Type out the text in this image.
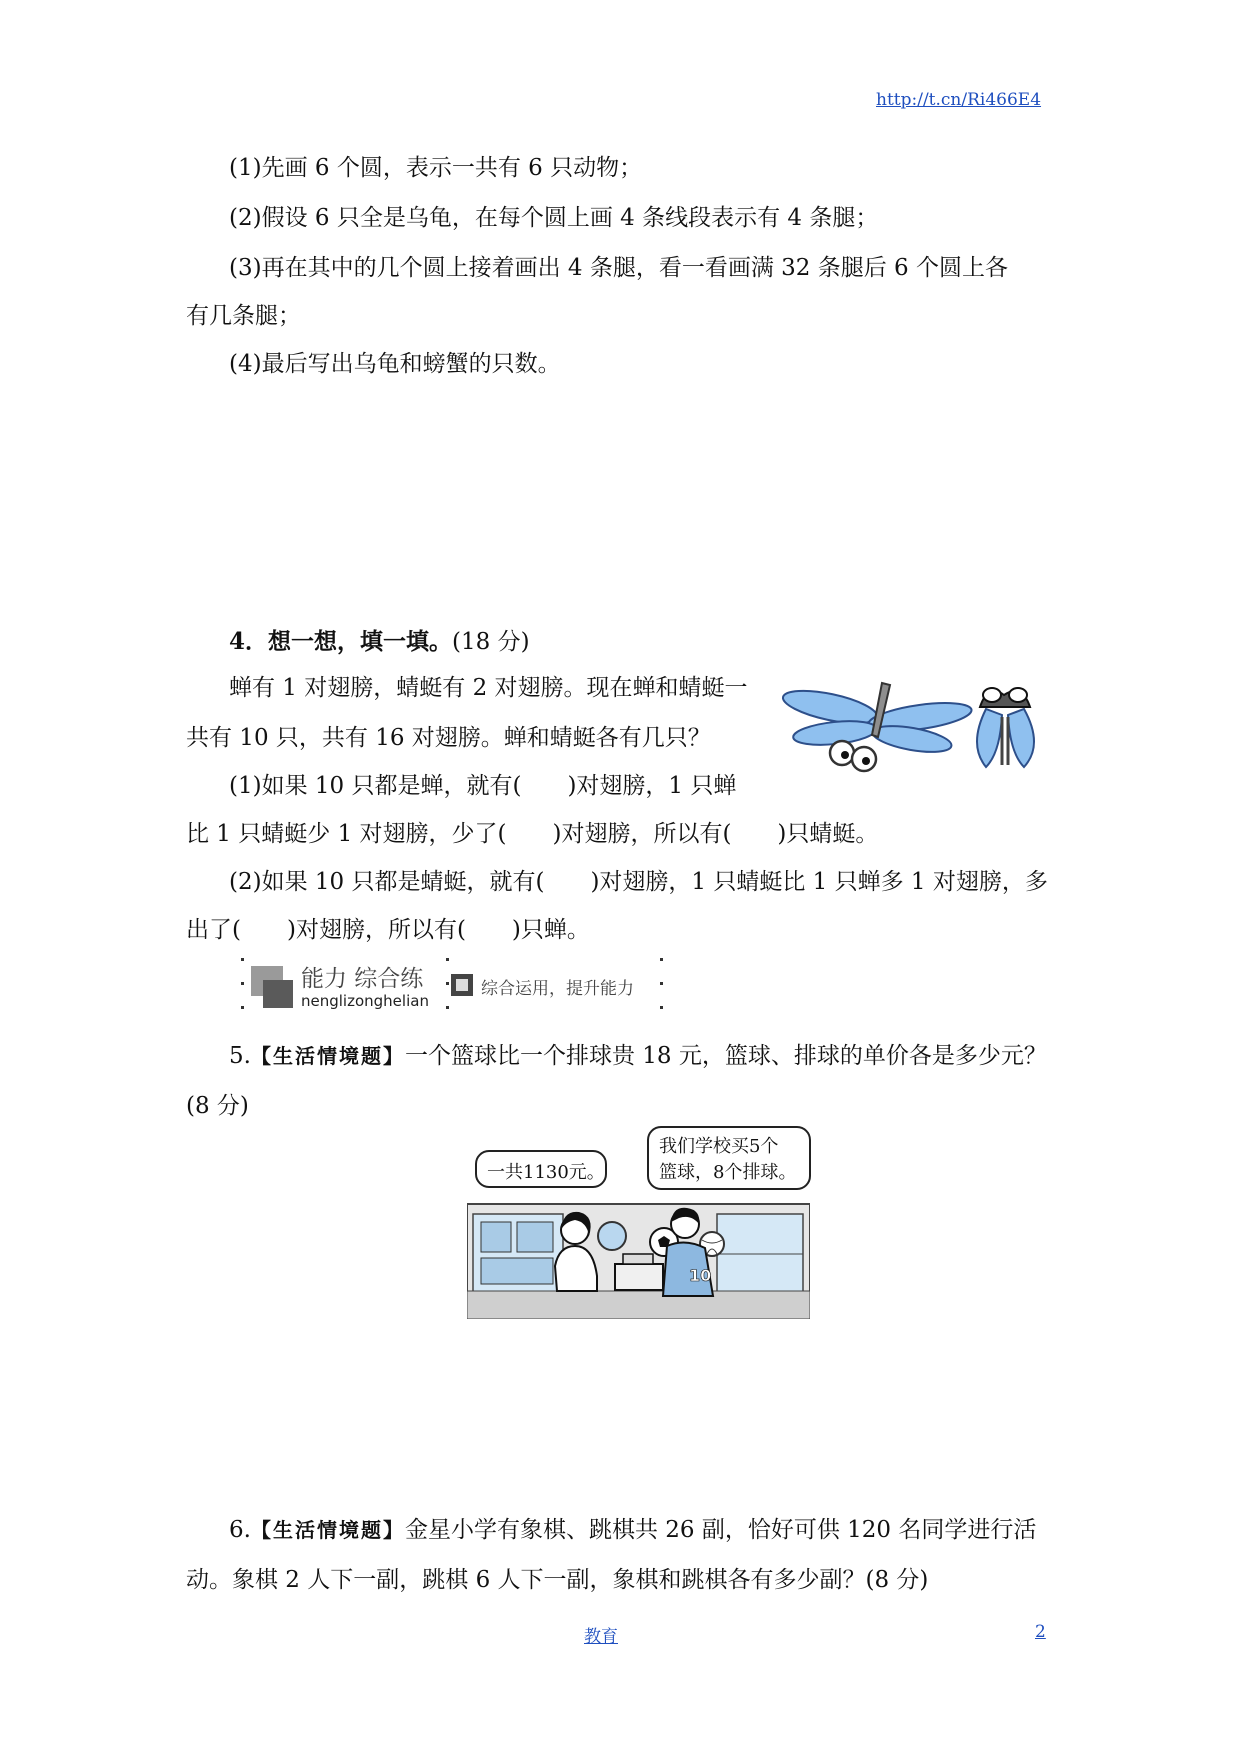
http://t.cn/Ri466E4
(1)先画 6 个圆，表示一共有 6 只动物；
(2)假设 6 只全是乌龟，在每个圆上画 4 条线段表示有 4 条腿；
(3)再在其中的几个圆上接着画出 4 条腿，看一看画满 32 条腿后 6 个圆上各
有几条腿；
(4)最后写出乌龟和螃蟹的只数。
4．想一想，填一填。(18 分)
蝉有 1 对翅膀，蜻蜓有 2 对翅膀。现在蝉和蜻蜓一
共有 10 只，共有 16 对翅膀。蝉和蜻蜓各有几只？
(1)如果 10 只都是蝉，就有(　　)对翅膀，1 只蝉
比 1 只蜻蜓少 1 对翅膀，少了(　　)对翅膀，所以有(　　)只蜻蜓。
(2)如果 10 只都是蜻蜓，就有(　　)对翅膀，1 只蜻蜓比 1 只蝉多 1 对翅膀，多
出了(　　)对翅膀，所以有(　　)只蝉。
能力 综合练
nenglizonghelian
综合运用，提升能力
5.【生活情境题】一个篮球比一个排球贵 18 元，篮球、排球的单价各是多少元？
(8 分)
10
一共1130元。
我们学校买5个
篮球，8个排球。
6.【生活情境题】金星小学有象棋、跳棋共 26 副，恰好可供 120 名同学进行活
动。象棋 2 人下一副，跳棋 6 人下一副，象棋和跳棋各有多少副？(8 分)
教育	2
